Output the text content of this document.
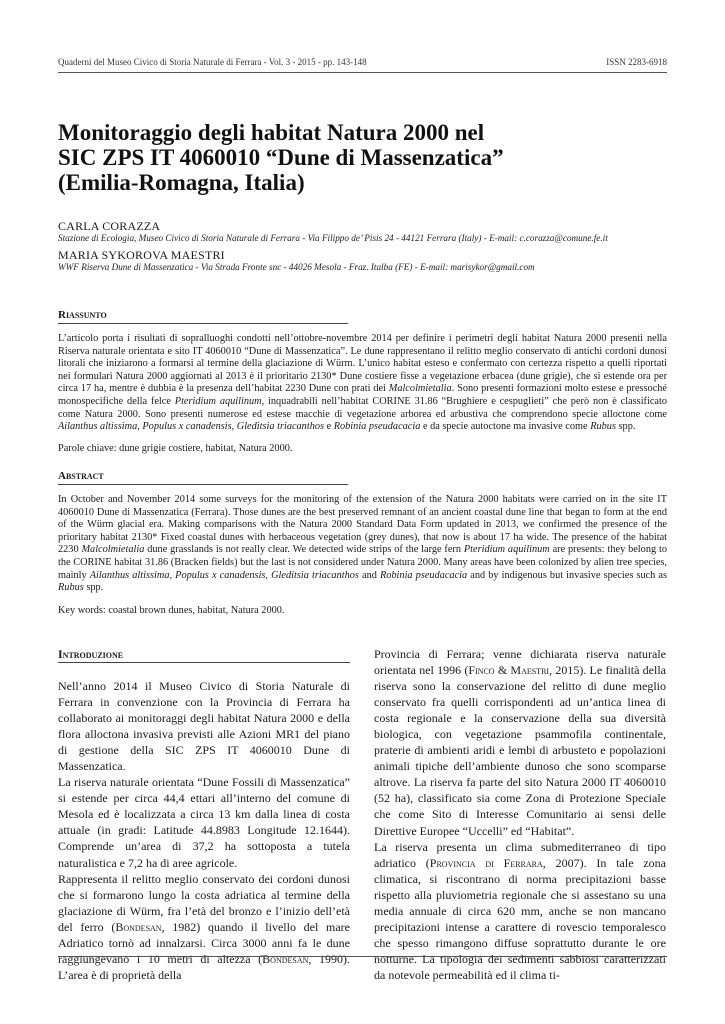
Quaderni del Museo Civico di Storia Naturale di Ferrara - Vol. 3 - 2015 - pp. 143-148	ISSN 2283-6918
Monitoraggio degli habitat Natura 2000 nel
SIC ZPS IT 4060010 “Dune di Massenzatica”
(Emilia-Romagna, Italia)
CARLA CORAZZA
Stazione di Ecologia, Museo Civico di Storia Naturale di Ferrara - Via Filippo de’ Pisis 24 - 44121 Ferrara (Italy) - E-mail: c.corazza@comune.fe.it
MARIA SYKOROVA MAESTRI
WWF Riserva Dune di Massenzatica - Via Strada Fronte snc - 44026 Mesola - Fraz. Italba (FE) - E-mail: marisykor@gmail.com
Riassunto

L’articolo porta i risultati di sopralluoghi condotti nell’ottobre-novembre 2014 per definire i perimetri degli habitat Natura 2000 presenti nella Riserva naturale orientata e sito IT 4060010 “Dune di Massenzatica”. Le dune rappresentano il relitto meglio conservato di antichi cordoni dunosi litorali che iniziarono a formarsi al termine della glaciazione di Würm. L’unico habitat esteso e confermato con certezza rispetto a quelli riportati nei formulari Natura 2000 aggiornati al 2013 è il prioritario 2130* Dune costiere fisse a vegetazione erbacea (dune grigie), che si estende ora per circa 17 ha, mentre è dubbia è la presenza dell’habitat 2230 Dune con prati dei Malcolmietalia. Sono presenti formazioni molto estese e pressoché monospecifiche della felce Pteridium aquilinum, inquadrabili nell’habitat CORINE 31.86 “Brughiere e cespuglieti” che però non è classificato come Natura 2000. Sono presenti numerose ed estese macchie di vegetazione arborea ed arbustiva che comprendono specie alloctone come Ailanthus altissima, Populus x canadensis, Gleditsia triacanthos e Robinia pseudacacia e da specie autoctone ma invasive come Rubus spp.

Parole chiave: dune grigie costiere, habitat, Natura 2000.

Abstract

In October and November 2014 some surveys for the monitoring of the extension of the Natura 2000 habitats were carried on in the site IT 4060010 Dune di Massenzatica (Ferrara). Those dunes are the best preserved remnant of an ancient coastal dune line that began to form at the end of the Würm glacial era. Making comparisons with the Natura 2000 Standard Data Form updated in 2013, we confirmed the presence of the prioritary habitat 2130* Fixed coastal dunes with herbaceous vegetation (grey dunes), that now is about 17 ha wide. The presence of the habitat 2230 Malcolmietalia dune grasslands is not really clear. We detected wide strips of the large fern Pteridium aquilinum are presents: they belong to the CORINE habitat 31.86 (Bracken fields) but the last is not considered under Natura 2000. Many areas have been colonized by alien tree species, mainly Ailanthus altissima, Populus x canadensis, Gleditsia triacanthos and Robinia pseudacacia and by indigenous but invasive species such as Rubus spp.

Key words: coastal brown dunes, habitat, Natura 2000.

Introduzione

Nell’anno 2014 il Museo Civico di Storia Naturale di Ferrara in convenzione con la Provincia di Ferrara ha collaborato ai monitoraggi degli habitat Natura 2000 e della flora alloctona invasiva previsti alle Azioni MR1 del piano di gestione della SIC ZPS IT 4060010 Dune di Massenzatica.

La riserva naturale orientata “Dune Fossili di Massenzatica” si estende per circa 44,4 ettari all’interno del comune di Mesola ed è localizzata a circa 13 km dalla linea di costa attuale (in gradi: Latitude 44.8983 Longitude 12.1644). Comprende un’area di 37,2 ha sottoposta a tutela naturalistica e 7,2 ha di aree agricole.

Rappresenta il relitto meglio conservato dei cordoni dunosi che si formarono lungo la costa adriatica al termine della glaciazione di Würm, fra l’età del bronzo e l’inizio dell’età del ferro (Bondesan, 1982) quando il livello del mare Adriatico tornò ad innalzarsi. Circa 3000 anni fa le dune raggiungevano i 10 metri di altezza (Bondesan, 1990). L’area è di proprietà della

Provincia di Ferrara; venne dichiarata riserva naturale orientata nel 1996 (Finco & Maestri, 2015). Le finalità della riserva sono la conservazione del relitto di dune meglio conservato fra quelli corrispondenti ad un’antica linea di costa regionale e la conservazione della sua diversità biologica, con vegetazione psammofila continentale, praterie di ambienti aridi e lembi di arbusteto e popolazioni animali tipiche dell’ambiente dunoso che sono scomparse altrove. La riserva fa parte del sito Natura 2000 IT 4060010 (52 ha), classificato sia come Zona di Protezione Speciale che come Sito di Interesse Comunitario ai sensi delle Direttive Europee “Uccelli” ed “Habitat”.

La riserva presenta un clima submediterraneo di tipo adriatico (Provincia di Ferrara, 2007). In tale zona climatica, si riscontrano di norma precipitazioni basse rispetto alla pluviometria regionale che si assestano su una media annuale di circa 620 mm, anche se non mancano precipitazioni intense a carattere di rovescio temporalesco che spesso rimangono diffuse soprattutto durante le ore notturne. La tipologia dei sedimenti sabbiosi caratterizzati da notevole permeabilità ed il clima ti-
